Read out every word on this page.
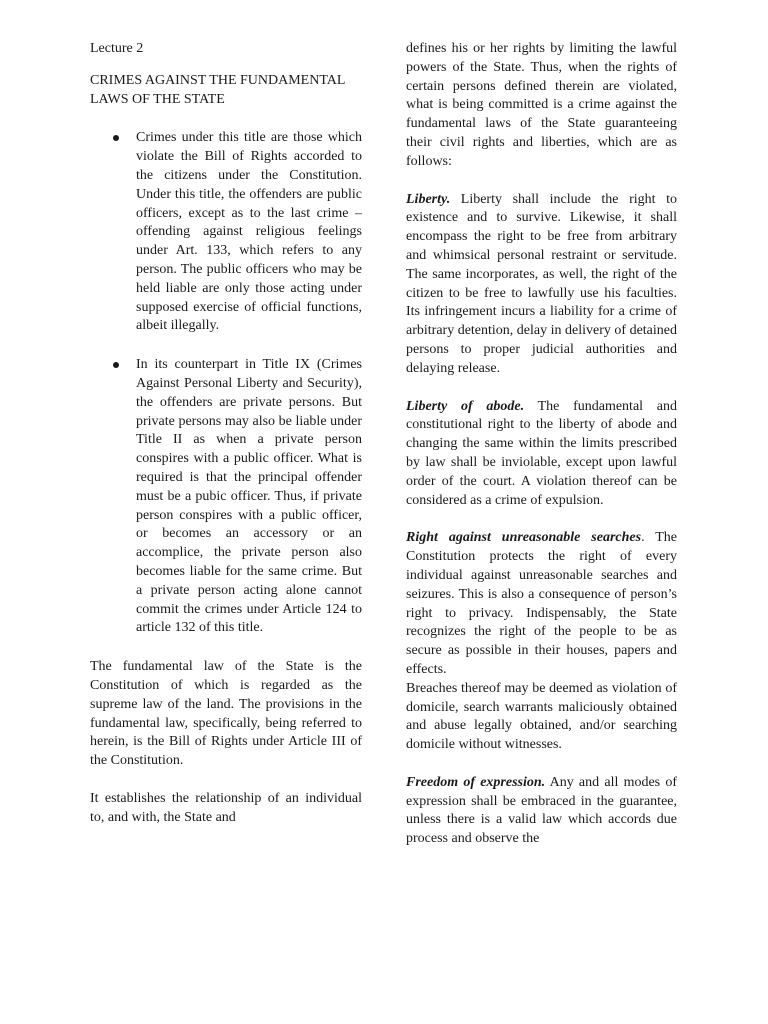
Lecture 2

CRIMES AGAINST THE FUNDAMENTAL LAWS OF THE STATE

Crimes under this title are those which violate the Bill of Rights accorded to the citizens under the Constitution. Under this title, the offenders are public officers, except as to the last crime – offending against religious feelings under Art. 133, which refers to any person. The public officers who may be held liable are only those acting under supposed exercise of official functions, albeit illegally.
In its counterpart in Title IX (Crimes Against Personal Liberty and Security), the offenders are private persons. But private persons may also be liable under Title II as when a private person conspires with a public officer. What is required is that the principal offender must be a pubic officer. Thus, if private person conspires with a public officer, or becomes an accessory or an accomplice, the private person also becomes liable for the same crime. But a private person acting alone cannot commit the crimes under Article 124 to article 132 of this title.

The fundamental law of the State is the Constitution of which is regarded as the supreme law of the land. The provisions in the fundamental law, specifically, being referred to herein, is the Bill of Rights under Article III of the Constitution.

It establishes the relationship of an individual to, and with, the State and

defines his or her rights by limiting the lawful powers of the State. Thus, when the rights of certain persons defined therein are violated, what is being committed is a crime against the fundamental laws of the State guaranteeing their civil rights and liberties, which are as follows:

Liberty. Liberty shall include the right to existence and to survive. Likewise, it shall encompass the right to be free from arbitrary and whimsical personal restraint or servitude. The same incorporates, as well, the right of the citizen to be free to lawfully use his faculties. Its infringement incurs a liability for a crime of arbitrary detention, delay in delivery of detained persons to proper judicial authorities and delaying release.

Liberty of abode. The fundamental and constitutional right to the liberty of abode and changing the same within the limits prescribed by law shall be inviolable, except upon lawful order of the court. A violation thereof can be considered as a crime of expulsion.

Right against unreasonable searches. The Constitution protects the right of every individual against unreasonable searches and seizures. This is also a consequence of person’s right to privacy. Indispensably, the State recognizes the right of the people to be as secure as possible in their houses, papers and effects.

Breaches thereof may be deemed as violation of domicile, search warrants maliciously obtained and abuse legally obtained, and/or searching domicile without witnesses.

Freedom of expression. Any and all modes of expression shall be embraced in the guarantee, unless there is a valid law which accords due process and observe the
